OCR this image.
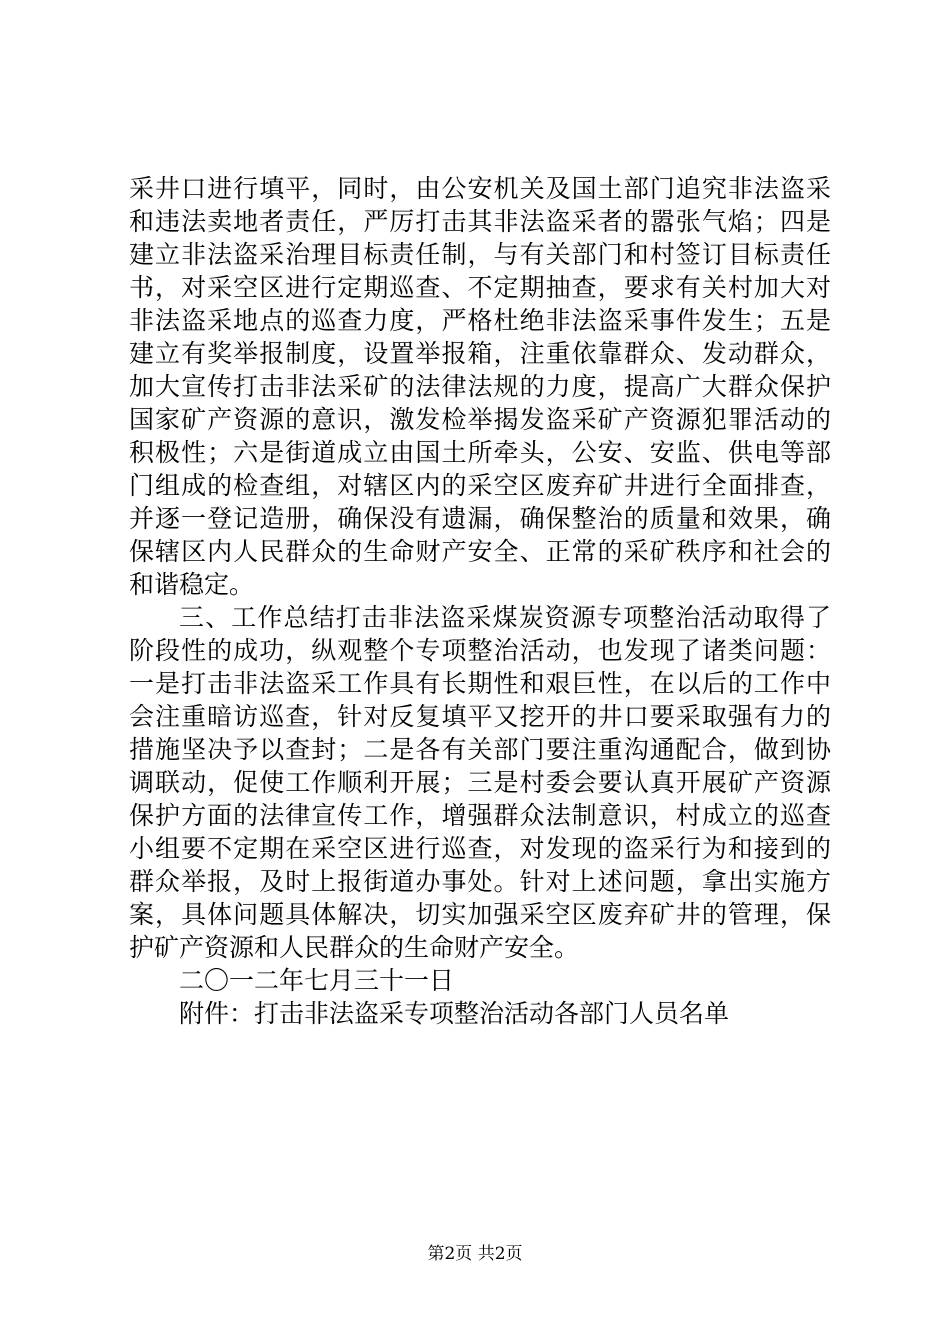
采井口进行填平，同时，由公安机关及国土部门追究非法盗采
和违法卖地者责任，严厉打击其非法盗采者的嚣张气焰；四是
建立非法盗采治理目标责任制，与有关部门和村签订目标责任
书，对采空区进行定期巡查、不定期抽查，要求有关村加大对
非法盗采地点的巡查力度，严格杜绝非法盗采事件发生；五是
建立有奖举报制度，设置举报箱，注重依靠群众、发动群众，
加大宣传打击非法采矿的法律法规的力度，提高广大群众保护
国家矿产资源的意识，激发检举揭发盗采矿产资源犯罪活动的
积极性；六是街道成立由国土所牵头，公安、安监、供电等部
门组成的检查组，对辖区内的采空区废弃矿井进行全面排查，
并逐一登记造册，确保没有遗漏，确保整治的质量和效果，确
保辖区内人民群众的生命财产安全、正常的采矿秩序和社会的
和谐稳定。
三、工作总结打击非法盗采煤炭资源专项整治活动取得了
阶段性的成功，纵观整个专项整治活动，也发现了诸类问题：
一是打击非法盗采工作具有长期性和艰巨性，在以后的工作中
会注重暗访巡查，针对反复填平又挖开的井口要采取强有力的
措施坚决予以查封；二是各有关部门要注重沟通配合，做到协
调联动，促使工作顺利开展；三是村委会要认真开展矿产资源
保护方面的法律宣传工作，增强群众法制意识，村成立的巡查
小组要不定期在采空区进行巡查，对发现的盗采行为和接到的
群众举报，及时上报街道办事处。针对上述问题，拿出实施方
案，具体问题具体解决，切实加强采空区废弃矿井的管理，保
护矿产资源和人民群众的生命财产安全。
二〇一二年七月三十一日
附件：打击非法盗采专项整治活动各部门人员名单
第2页 共2页
